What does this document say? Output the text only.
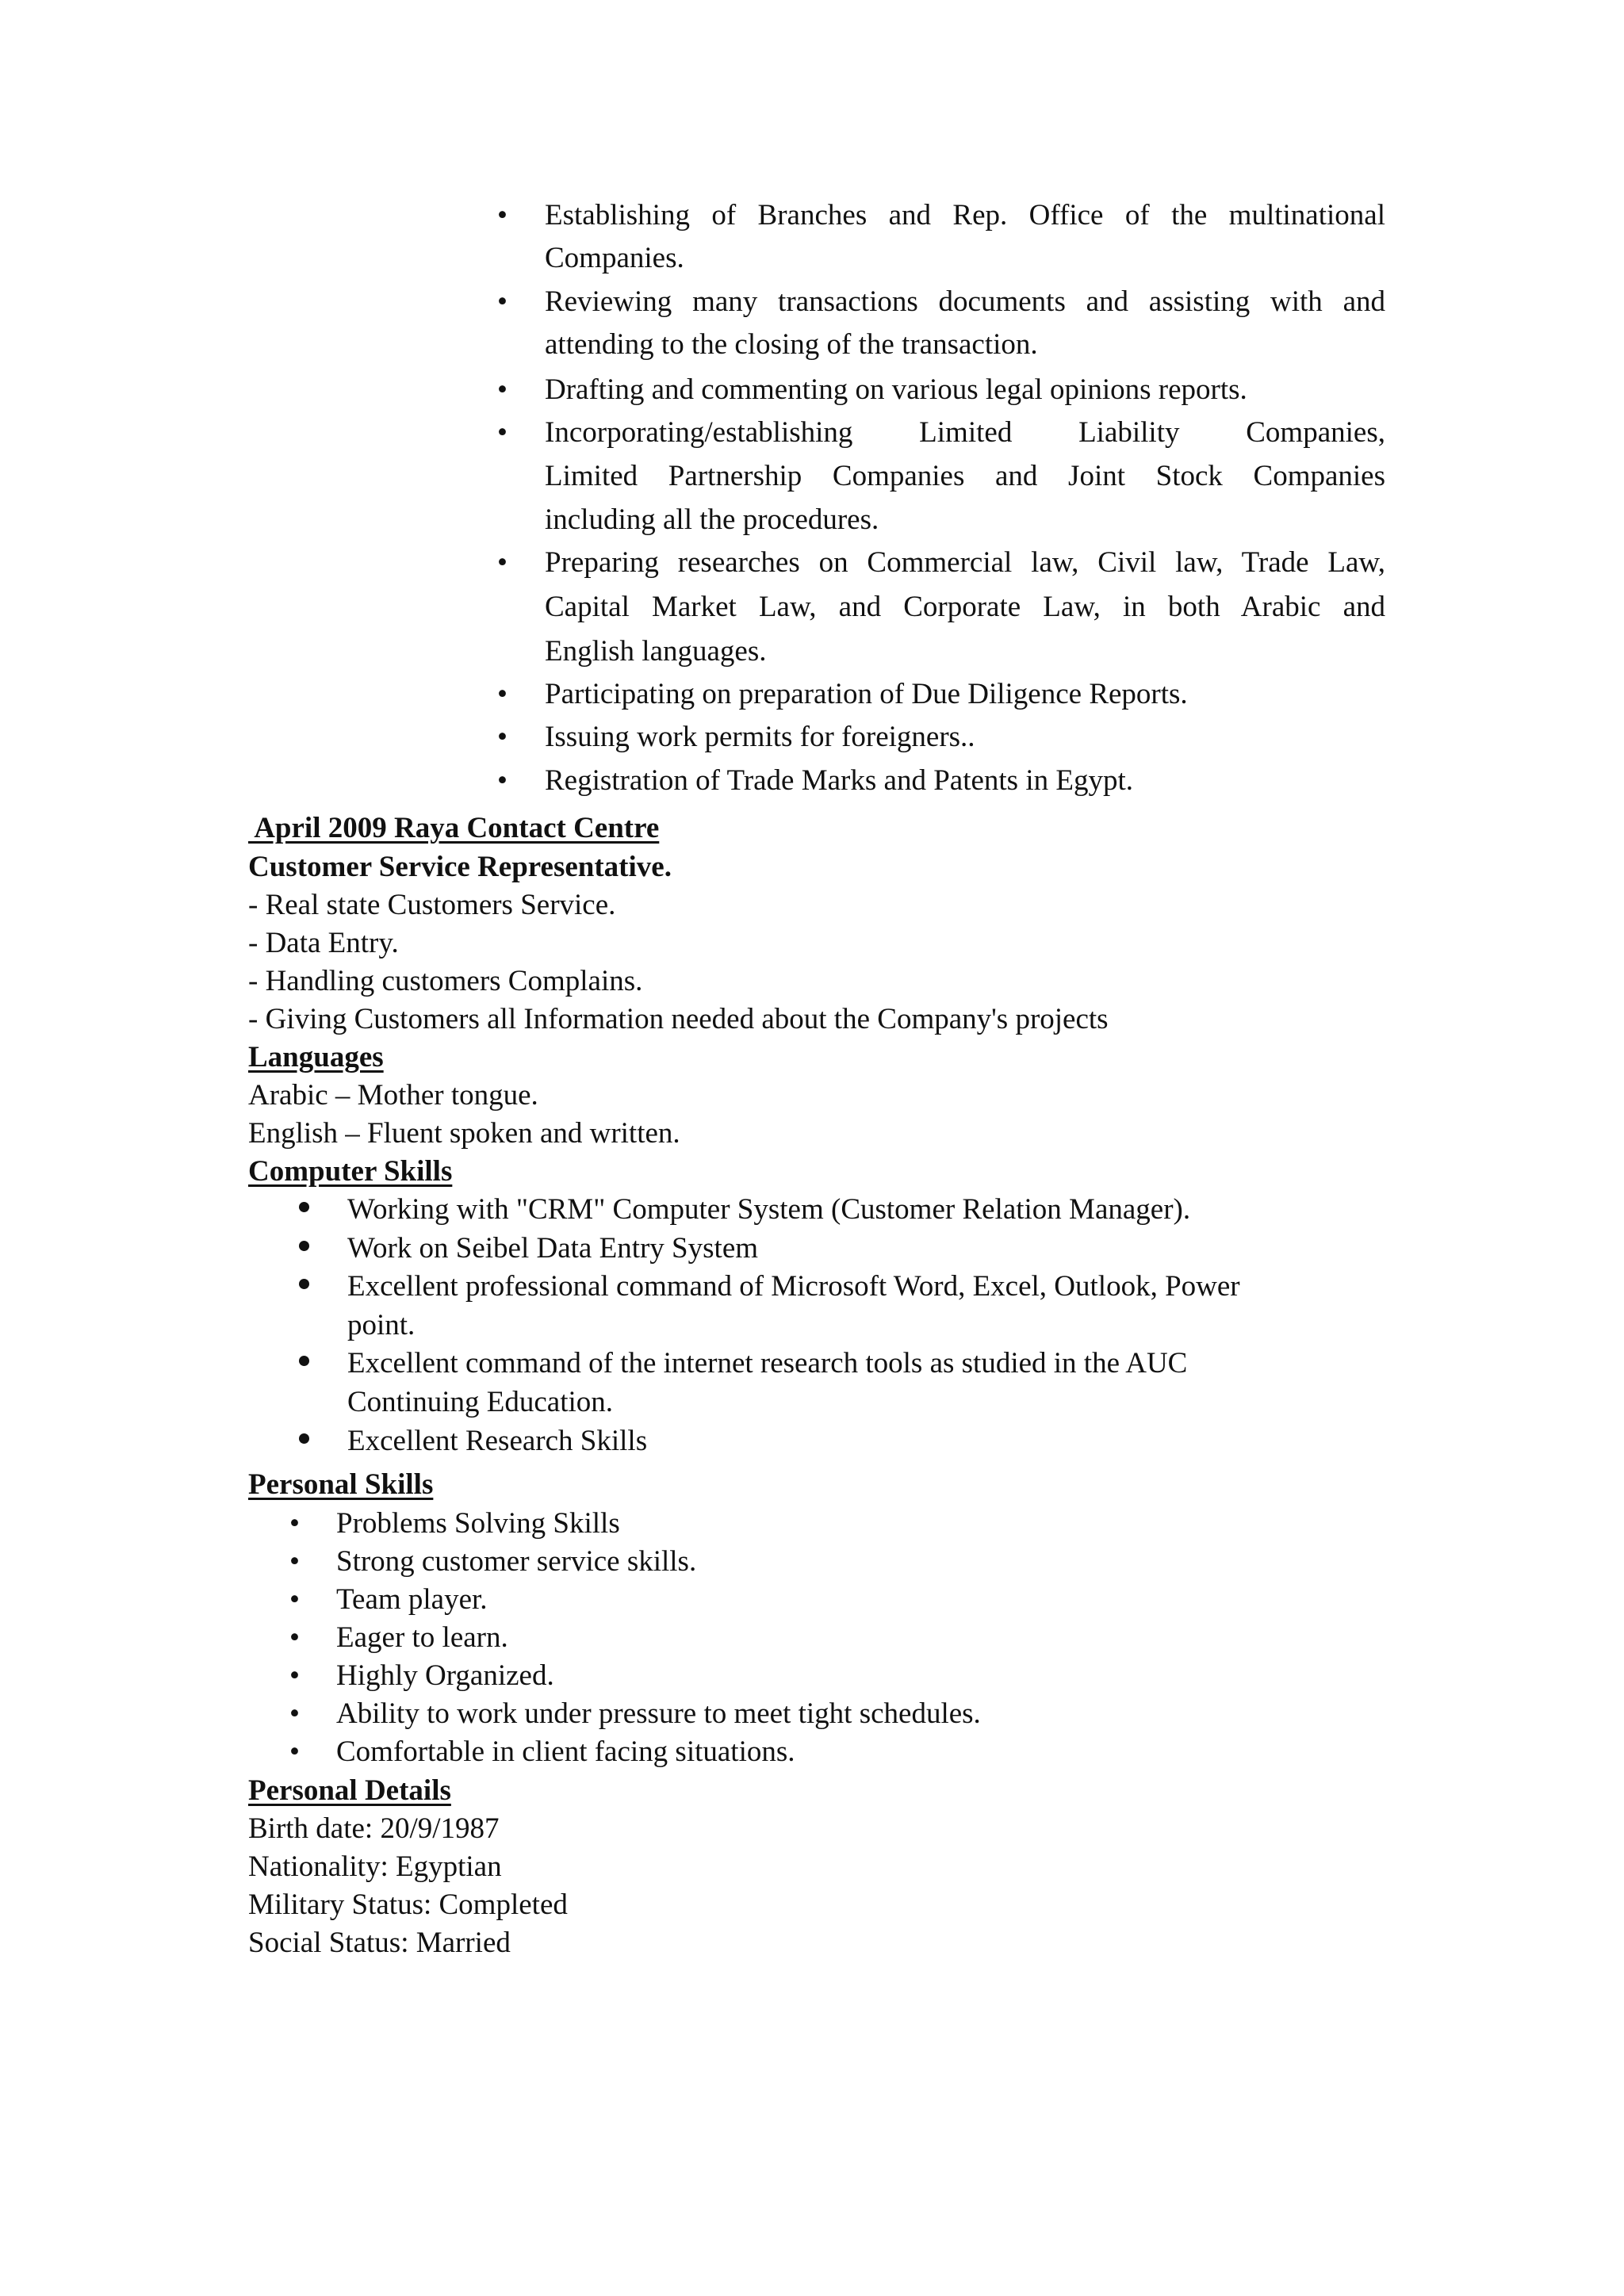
• Establishing of Branches and Rep. Office of the multinational
Companies.
• Reviewing many transactions documents and assisting with and
attending to the closing of the transaction.
• Drafting and commenting on various legal opinions reports.
• Incorporating/establishing Limited Liability Companies,
Limited Partnership Companies and Joint Stock Companies
including all the procedures.
• Preparing researches on Commercial law, Civil law, Trade Law,
Capital Market Law, and Corporate Law, in both Arabic and
English languages.
• Participating on preparation of Due Diligence Reports.
• Issuing work permits for foreigners..
• Registration of Trade Marks and Patents in Egypt.
April 2009 Raya Contact Centre
Customer Service Representative.
- Real state Customers Service.
- Data Entry.
- Handling customers Complains.
- Giving Customers all Information needed about the Company's projects
Languages
Arabic – Mother tongue.
English – Fluent spoken and written.
Computer Skills
Working with "CRM" Computer System (Customer Relation Manager).
Work on Seibel Data Entry System
Excellent professional command of Microsoft Word, Excel, Outlook, Power
point.
Excellent command of the internet research tools as studied in the AUC
Continuing Education.
Excellent Research Skills
Personal Skills
• Problems Solving Skills
• Strong customer service skills.
• Team player.
• Eager to learn.
• Highly Organized.
• Ability to work under pressure to meet tight schedules.
• Comfortable in client facing situations.
Personal Details
Birth date: 20/9/1987
Nationality: Egyptian
Military Status: Completed
Social Status: Married
